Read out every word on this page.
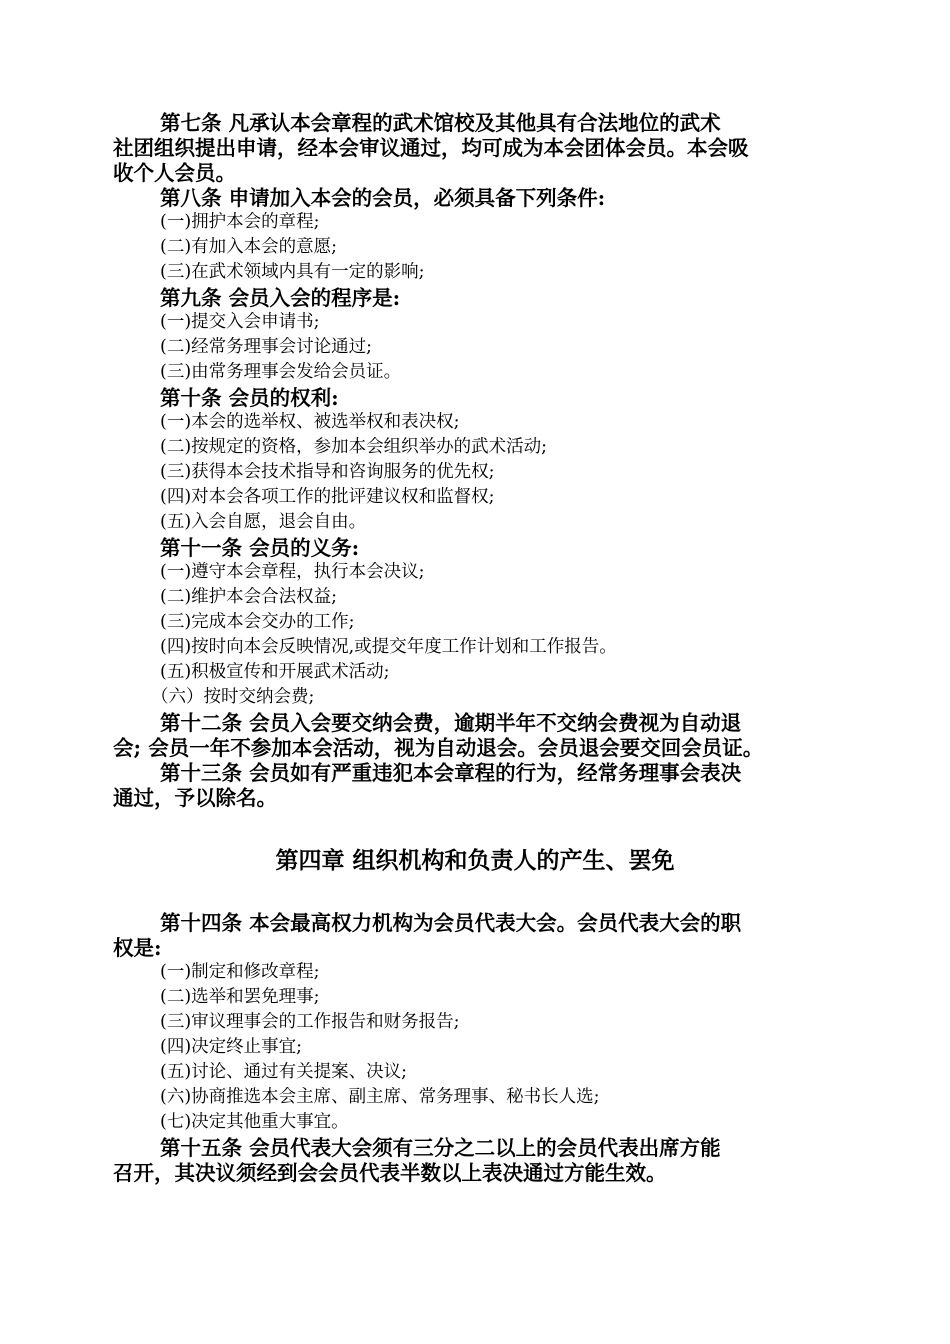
第七条 凡承认本会章程的武术馆校及其他具有合法地位的武术
社团组织提出申请，经本会审议通过，均可成为本会团体会员。本会吸
收个人会员。
第八条 申请加入本会的会员，必须具备下列条件:
(一)拥护本会的章程;
(二)有加入本会的意愿;
(三)在武术领域内具有一定的影响;
第九条 会员入会的程序是:
(一)提交入会申请书;
(二)经常务理事会讨论通过;
(三)由常务理事会发给会员证。
第十条 会员的权利:
(一)本会的选举权、被选举权和表决权;
(二)按规定的资格，参加本会组织举办的武术活动;
(三)获得本会技术指导和咨询服务的优先权;
(四)对本会各项工作的批评建议权和监督权;
(五)入会自愿，退会自由。
第十一条 会员的义务:
(一)遵守本会章程，执行本会决议;
(二)维护本会合法权益;
(三)完成本会交办的工作;
(四)按时向本会反映情况,或提交年度工作计划和工作报告。
(五)积极宣传和开展武术活动;
（六）按时交纳会费;
第十二条 会员入会要交纳会费，逾期半年不交纳会费视为自动退
会; 会员一年不参加本会活动，视为自动退会。会员退会要交回会员证。
第十三条 会员如有严重违犯本会章程的行为，经常务理事会表决
通过，予以除名。
第四章 组织机构和负责人的产生、罢免
第十四条 本会最高权力机构为会员代表大会。会员代表大会的职
权是:
(一)制定和修改章程;
(二)选举和罢免理事;
(三)审议理事会的工作报告和财务报告;
(四)决定终止事宜;
(五)讨论、通过有关提案、决议;
(六)协商推选本会主席、副主席、常务理事、秘书长人选;
(七)决定其他重大事宜。
第十五条 会员代表大会须有三分之二以上的会员代表出席方能
召开，其决议须经到会会员代表半数以上表决通过方能生效。
